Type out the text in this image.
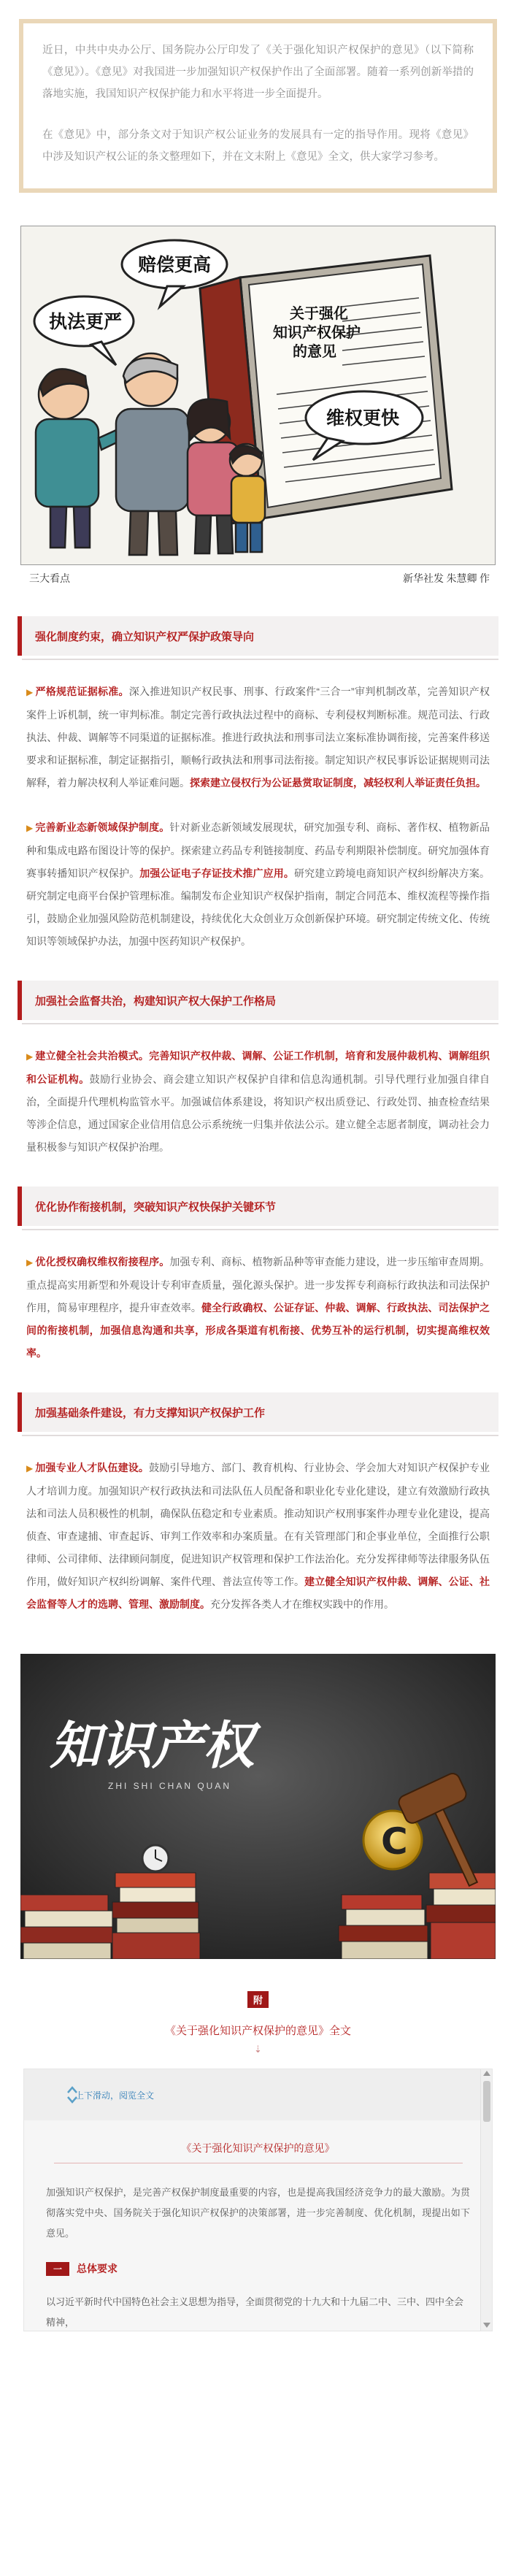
近日，中共中央办公厅、国务院办公厅印发了《关于强化知识产权保护的意见》（以下简称《意见》）。《意见》对我国进一步加强知识产权保护作出了全面部署。随着一系列创新举措的落地实施，我国知识产权保护能力和水平将进一步全面提升。

在《意见》中，部分条文对于知识产权公证业务的发展具有一定的指导作用。现将《意见》中涉及知识产权公证的条文整理如下，并在文末附上《意见》全文，供大家学习参考。

关于强化
知识产权保护
的意见
执法更严
赔偿更高
维权更快
三大看点	新华社发 朱慧卿 作
强化制度约束，确立知识产权严保护政策导向
▶ 严格规范证据标准。深入推进知识产权民事、刑事、行政案件“三合一”审判机制改革，完善知识产权案件上诉机制，统一审判标准。制定完善行政执法过程中的商标、专利侵权判断标准。规范司法、行政执法、仲裁、调解等不同渠道的证据标准。推进行政执法和刑事司法立案标准协调衔接，完善案件移送要求和证据标准，制定证据指引，顺畅行政执法和刑事司法衔接。制定知识产权民事诉讼证据规则司法解释，着力解决权利人举证难问题。探索建立侵权行为公证悬赏取证制度，减轻权利人举证责任负担。
▶ 完善新业态新领域保护制度。针对新业态新领域发展现状，研究加强专利、商标、著作权、植物新品种和集成电路布图设计等的保护。探索建立药品专利链接制度、药品专利期限补偿制度。研究加强体育赛事转播知识产权保护。加强公证电子存证技术推广应用。研究建立跨境电商知识产权纠纷解决方案。研究制定电商平台保护管理标准。编制发布企业知识产权保护指南，制定合同范本、维权流程等操作指引，鼓励企业加强风险防范机制建设，持续优化大众创业万众创新保护环境。研究制定传统文化、传统知识等领域保护办法，加强中医药知识产权保护。
加强社会监督共治，构建知识产权大保护工作格局
▶ 建立健全社会共治模式。完善知识产权仲裁、调解、公证工作机制，培育和发展仲裁机构、调解组织和公证机构。鼓励行业协会、商会建立知识产权保护自律和信息沟通机制。引导代理行业加强自律自治，全面提升代理机构监管水平。加强诚信体系建设，将知识产权出质登记、行政处罚、抽查检查结果等涉企信息，通过国家企业信用信息公示系统统一归集并依法公示。建立健全志愿者制度，调动社会力量积极参与知识产权保护治理。
优化协作衔接机制，突破知识产权快保护关键环节
▶ 优化授权确权维权衔接程序。加强专利、商标、植物新品种等审查能力建设，进一步压缩审查周期。重点提高实用新型和外观设计专利审查质量，强化源头保护。进一步发挥专利商标行政执法和司法保护作用，简易审理程序，提升审查效率。健全行政确权、公证存证、仲裁、调解、行政执法、司法保护之间的衔接机制，加强信息沟通和共享，形成各渠道有机衔接、优势互补的运行机制，切实提高维权效率。
加强基础条件建设，有力支撑知识产权保护工作
▶ 加强专业人才队伍建设。鼓励引导地方、部门、教育机构、行业协会、学会加大对知识产权保护专业人才培训力度。加强知识产权行政执法和司法队伍人员配备和职业化专业化建设，建立有效激励行政执法和司法人员积极性的机制，确保队伍稳定和专业素质。推动知识产权刑事案件办理专业化建设，提高侦查、审查逮捕、审查起诉、审判工作效率和办案质量。在有关管理部门和企事业单位，全面推行公职律师、公司律师、法律顾问制度，促进知识产权管理和保护工作法治化。充分发挥律师等法律服务队伍作用，做好知识产权纠纷调解、案件代理、普法宣传等工作。建立健全知识产权仲裁、调解、公证、社会监督等人才的选聘、管理、激励制度。充分发挥各类人才在维权实践中的作用。
知识产权
ZHI SHI CHAN QUAN
C
附
《关于强化知识产权保护的意见》全文
⇣
上下滑动，阅览全文
《关于强化知识产权保护的意见》
加强知识产权保护，是完善产权保护制度最重要的内容，也是提高我国经济竞争力的最大激励。为贯彻落实党中央、国务院关于强化知识产权保护的决策部署，进一步完善制度、优化机制，现提出如下意见。
一	总体要求
以习近平新时代中国特色社会主义思想为指导，全面贯彻党的十九大和十九届二中、三中、四中全会精神，
